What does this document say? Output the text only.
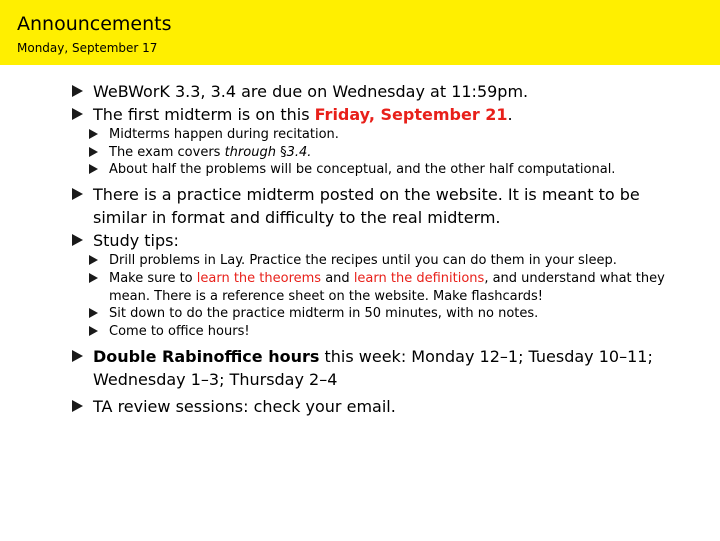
Announcements
Monday, September 17
WeBWorK 3.3, 3.4 are due on Wednesday at 11:59pm.
The first midterm is on this Friday, September 21.
Midterms happen during recitation.
The exam covers through §3.4.
About half the problems will be conceptual, and the other half computational.
There is a practice midterm posted on the website. It is meant to be similar in format and difficulty to the real midterm.
Study tips:
Drill problems in Lay. Practice the recipes until you can do them in your sleep.
Make sure to learn the theorems and learn the definitions, and understand what they mean. There is a reference sheet on the website. Make flashcards!
Sit down to do the practice midterm in 50 minutes, with no notes.
Come to office hours!
Double Rabinoffice hours this week: Monday 12–1; Tuesday 10–11; Wednesday 1–3; Thursday 2–4
TA review sessions: check your email.
